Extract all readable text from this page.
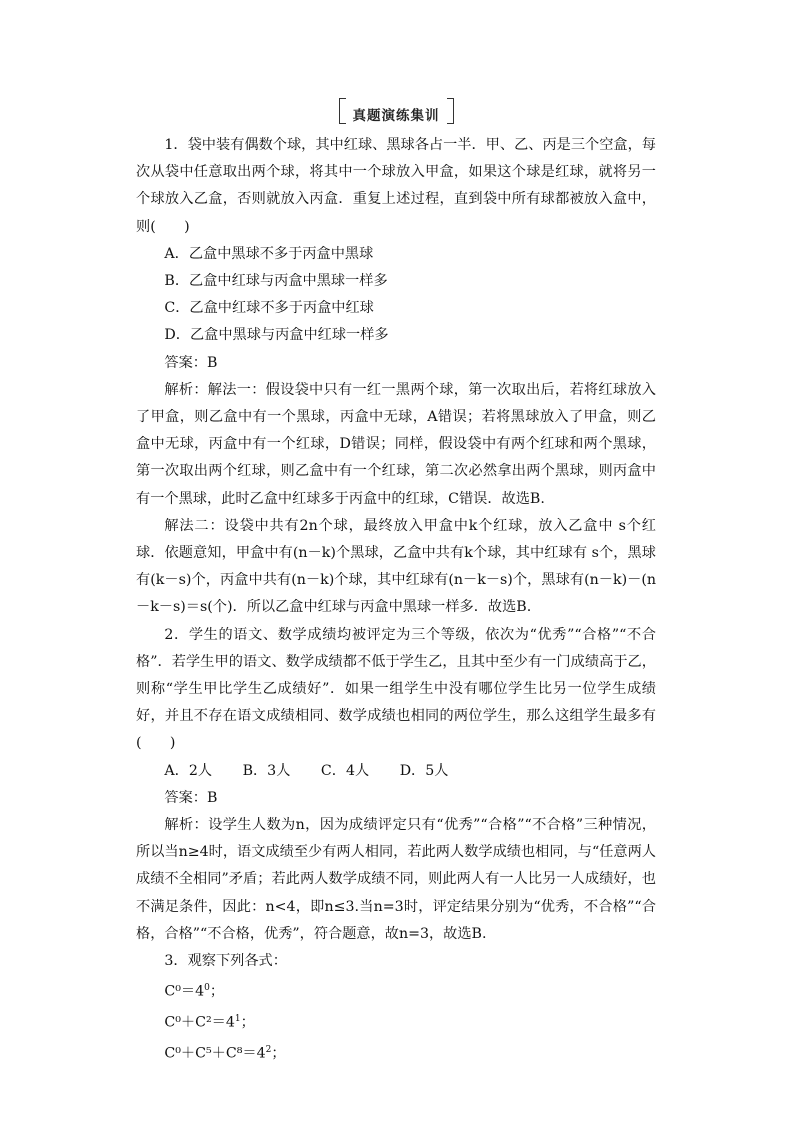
真题演练集训

1．袋中装有偶数个球，其中红球、黑球各占一半．甲、乙、丙是三个空盒，每次从袋中任意取出两个球，将其中一个球放入甲盒，如果这个球是红球，就将另一个球放入乙盒，否则就放入丙盒．重复上述过程，直到袋中所有球都被放入盒中，则(　　)

A．乙盒中黑球不多于丙盒中黑球

B．乙盒中红球与丙盒中黑球一样多

C．乙盒中红球不多于丙盒中红球

D．乙盒中黑球与丙盒中红球一样多

答案：B

解析：解法一：假设袋中只有一红一黑两个球，第一次取出后，若将红球放入了甲盒，则乙盒中有一个黑球，丙盒中无球，A错误；若将黑球放入了甲盒，则乙盒中无球，丙盒中有一个红球，D错误；同样，假设袋中有两个红球和两个黑球，第一次取出两个红球，则乙盒中有一个红球，第二次必然拿出两个黑球，则丙盒中有一个黑球，此时乙盒中红球多于丙盒中的红球，C错误．故选B.

解法二：设袋中共有2n个球，最终放入甲盒中k个红球，放入乙盒中 s个红球．依题意知，甲盒中有(n－k)个黑球，乙盒中共有k个球，其中红球有 s个，黑球有(k－s)个，丙盒中共有(n－k)个球，其中红球有(n－k－s)个，黑球有(n－k)－(n－k－s)＝s(个)．所以乙盒中红球与丙盒中黑球一样多．故选B.

2．学生的语文、数学成绩均被评定为三个等级，依次为“优秀”“合格”“不合格”．若学生甲的语文、数学成绩都不低于学生乙，且其中至少有一门成绩高于乙，则称“学生甲比学生乙成绩好”．如果一组学生中没有哪位学生比另一位学生成绩好，并且不存在语文成绩相同、数学成绩也相同的两位学生，那么这组学生最多有(　　)

A．2人 B．3人 C．4人 D．5人

答案：B

解析：设学生人数为n，因为成绩评定只有“优秀”“合格”“不合格”三种情况，所以当n≥4时，语文成绩至少有两人相同，若此两人数学成绩也相同，与“任意两人成绩不全相同”矛盾；若此两人数学成绩不同，则此两人有一人比另一人成绩好，也不满足条件，因此：n<4，即n≤3.当n=3时，评定结果分别为“优秀，不合格”“合格，合格”“不合格，优秀”，符合题意，故n=3，故选B.

3．观察下列各式：

$C^0=4^0$；

$C^0+C^2=4^1$；

$C^0+C^5+C^8=4^2$；
